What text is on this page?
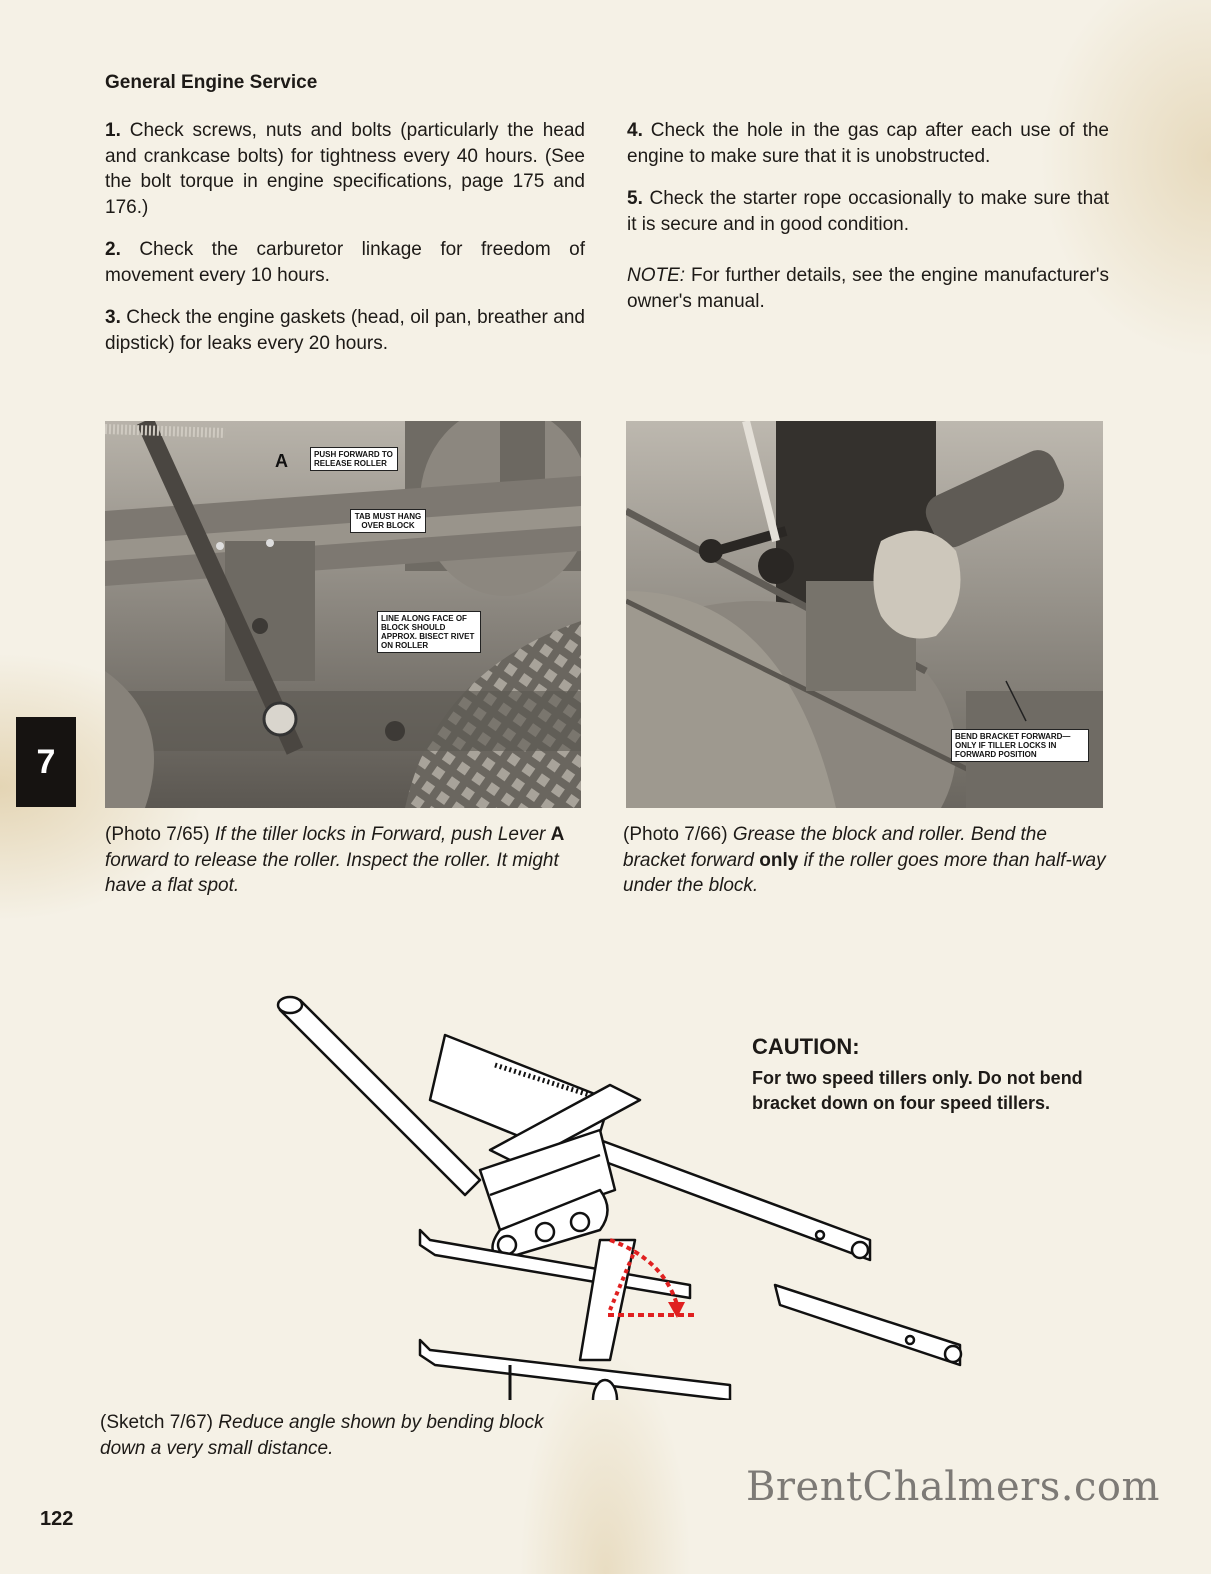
General Engine Service

1. Check screws, nuts and bolts (particularly the head and crankcase bolts) for tightness every 40 hours. (See the bolt torque in engine specifications, page 175 and 176.)

2. Check the carburetor linkage for freedom of movement every 10 hours.

3. Check the engine gaskets (head, oil pan, breather and dipstick) for leaks every 20 hours.

4. Check the hole in the gas cap after each use of the engine to make sure that it is unobstructed.

5. Check the starter rope occasionally to make sure that it is secure and in good condition.

NOTE: For further details, see the engine manufacturer's owner's manual.

A	PUSH FORWARD TO RELEASE ROLLER
TAB MUST HANG OVER BLOCK
LINE ALONG FACE OF BLOCK SHOULD APPROX. BISECT RIVET ON ROLLER
BEND BRACKET FORWARD—ONLY IF TILLER LOCKS IN FORWARD POSITION
(Photo 7/65) If the tiller locks in Forward, push Lever A forward to release the roller. Inspect the roller. It might have a flat spot.
(Photo 7/66) Grease the block and roller. Bend the bracket forward only if the roller goes more than half-way under the block.
7
CAUTION:
For two speed tillers only. Do not bend bracket down on four speed tillers.
(Sketch 7/67) Reduce angle shown by bending block down a very small distance.
122
BrentChalmers.com
